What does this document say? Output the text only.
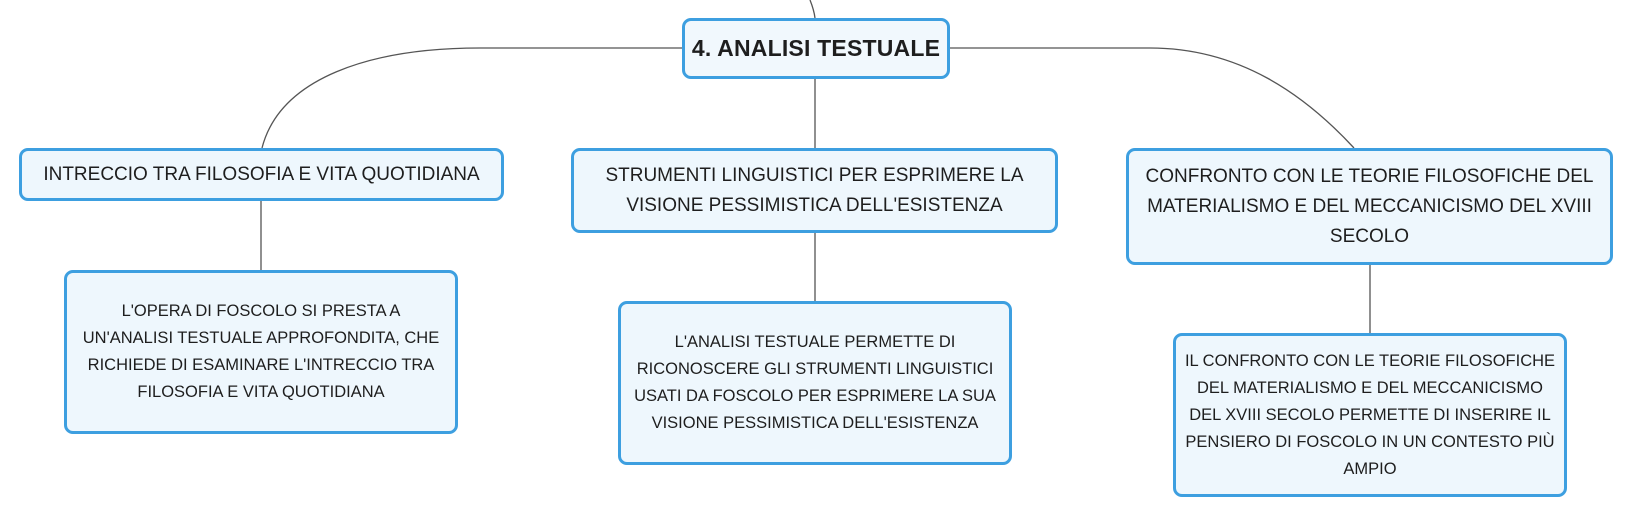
4. ANALISI TESTUALE
INTRECCIO TRA FILOSOFIA E VITA QUOTIDIANA	STRUMENTI LINGUISTICI PER ESPRIMERE LA VISIONE PESSIMISTICA DELL'ESISTENZA
CONFRONTO CON LE TEORIE FILOSOFICHE DEL MATERIALISMO E DEL MECCANICISMO DEL XVIII SECOLO
L'OPERA DI FOSCOLO SI PRESTA A UN'ANALISI TESTUALE APPROFONDITA, CHE RICHIEDE DI ESAMINARE L'INTRECCIO TRA FILOSOFIA E VITA QUOTIDIANA
L'ANALISI TESTUALE PERMETTE DI RICONOSCERE GLI STRUMENTI LINGUISTICI USATI DA FOSCOLO PER ESPRIMERE LA SUA VISIONE PESSIMISTICA DELL'ESISTENZA
IL CONFRONTO CON LE TEORIE FILOSOFICHE DEL MATERIALISMO E DEL MECCANICISMO DEL XVIII SECOLO PERMETTE DI INSERIRE IL PENSIERO DI FOSCOLO IN UN CONTESTO PIÙ AMPIO
